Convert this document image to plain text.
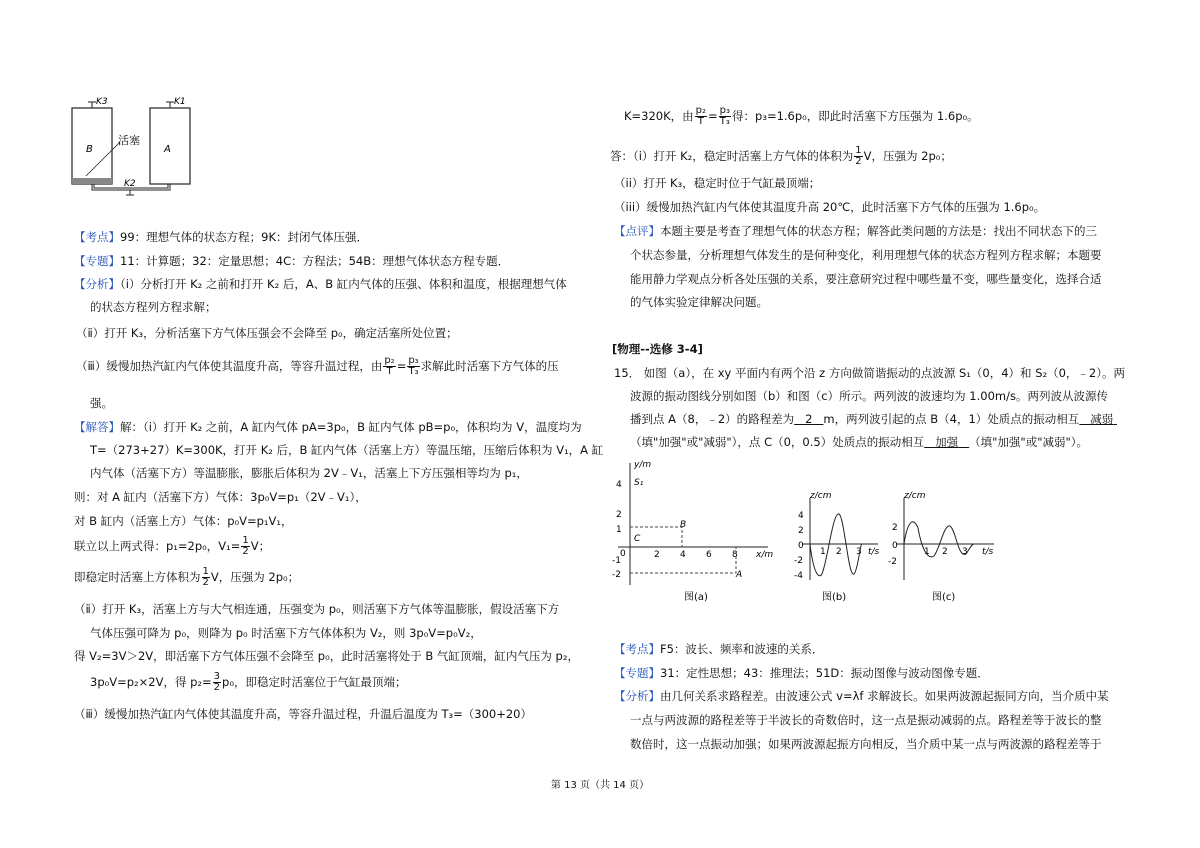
K3	K1
K2
B	A
活塞
【考点】99：理想气体的状态方程；9K：封闭气体压强．
【专题】11：计算题；32：定量思想；4C：方程法；54B：理想气体状态方程专题．
【分析】（i）分析打开 K₂ 之前和打开 K₂ 后，A、B 缸内气体的压强、体积和温度，根据理想气体
的状态方程列方程求解；
（ⅱ）打开 K₃，分析活塞下方气体压强会不会降至 p₀，确定活塞所处位置；
（ⅲ）缓慢加热汽缸内气体使其温度升高，等容升温过程，由 $\frac{\text{p₂}}{T} = \frac{\text{p₃}}{\text{T₃}}$ 求解此时活塞下方气体的压
强。
【解答】解：（i）打开 K₂ 之前，A 缸内气体 pA=3p₀，B 缸内气体 pB=p₀，体积均为 V，温度均为
T=（273+27）K=300K，打开 K₂ 后，B 缸内气体（活塞上方）等温压缩，压缩后体积为 V₁，A 缸
内气体（活塞下方）等温膨胀，膨胀后体积为 2V﹣V₁，活塞上下方压强相等均为 p₁，
则：对 A 缸内（活塞下方）气体：3p₀V=p₁（2V﹣V₁），
对 B 缸内（活塞上方）气体：p₀V=p₁V₁，
联立以上两式得：p₁=2p₀，$V_1= \frac{1}{2}$ V；
即稳定时活塞上方体积为 $\frac{1}{2}$ V，压强为 2p₀；
（ⅱ）打开 K₃，活塞上方与大气相连通，压强变为 p₀，则活塞下方气体等温膨胀，假设活塞下方
气体压强可降为 p₀，则降为 p₀ 时活塞下方气体体积为 V₂，则 3p₀V=p₀V₂，
得 V₂=3V＞2V，即活塞下方气体压强不会降至 p₀，此时活塞将处于 B 气缸顶端，缸内气压为 p₂，
3p₀V=p₂×2V，得 $p_2= \frac{3}{2} p_0$，即稳定时活塞位于气缸最顶端；
（ⅲ）缓慢加热汽缸内气体使其温度升高，等容升温过程，升温后温度为 T₃=（300+20）
K=320K，由 $\frac{\text{p₂}}{T} = \frac{\text{p₃}}{\text{T₃}}$ 得：p₃=1.6p₀，即此时活塞下方压强为 1.6p₀。
答：（i）打开 K₂，稳定时活塞上方气体的体积为 $\frac{1}{2}$ V，压强为 2p₀；
（ii）打开 K₃，稳定时位于气缸最顶端；
（iii）缓慢加热汽缸内气体使其温度升高 20℃，此时活塞下方气体的压强为 1.6p₀。
【点评】本题主要是考查了理想气体的状态方程；解答此类问题的方法是：找出不同状态下的三
个状态参量，分析理想气体发生的是何种变化，利用理想气体的状态方程列方程求解；本题要
能用静力学观点分析各处压强的关系，要注意研究过程中哪些量不变，哪些量变化，选择合适
的气体实验定律解决问题。
[物理--选修 3-4]
15． 如图（a），在 xy 平面内有两个沿 z 方向做简谐振动的点波源 S₁（0，4）和 S₂（0，﹣2）。两
波源的振动图线分别如图（b）和图（c）所示。两列波的波速均为 1.00m/s。两列波从波源传
播到点 A（8，﹣2）的路程差为 2 m，两列波引起的点 B（4，1）处质点的振动相互 减弱
（填"加强"或"减弱"），点 C（0，0.5）处质点的振动相互 加强 （填"加强"或"减弱"）。
y/m
x/m
S₁
B
C
A
4
2
1
0
-1
-2
2 4 6 8
图(a)
z/cm
t/s
4
2
0
-2
-4
1 2 3
图(b)
z/cm
t/s
2
0
-2
1 2 3
图(c)
【考点】F5：波长、频率和波速的关系．
【专题】31：定性思想；43：推理法；51D：振动图像与波动图像专题．
【分析】由几何关系求路程差。由波速公式 v=λf 求解波长。如果两波源起振同方向，当介质中某
一点与两波源的路程差等于半波长的奇数倍时，这一点是振动减弱的点。路程差等于波长的整
数倍时，这一点振动加强；如果两波源起振方向相反，当介质中某一点与两波源的路程差等于
第 13 页（共 14 页）
